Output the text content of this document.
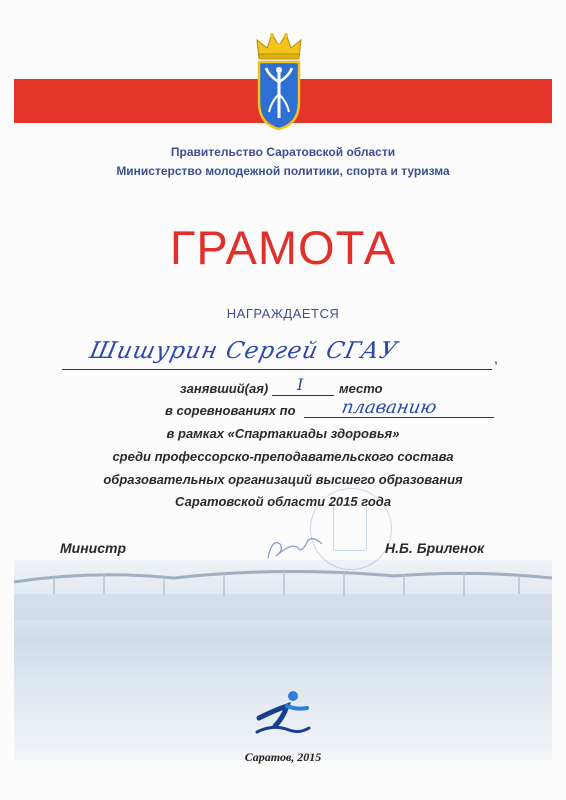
Правительство Саратовской области
Министерство молодежной политики, спорта и туризма
ГРАМОТА
НАГРАЖДАЕТСЯ
Шишурин Сергей СГАУ	,
занявший(ая) I	место
в соревнованиях по плаванию
в рамках «Спартакиады здоровья»
среди профессорско-преподавательского состава
образовательных организаций высшего образования
Саратовской области 2015 года
Министр	Н.Б. Бриленок
Саратов, 2015
